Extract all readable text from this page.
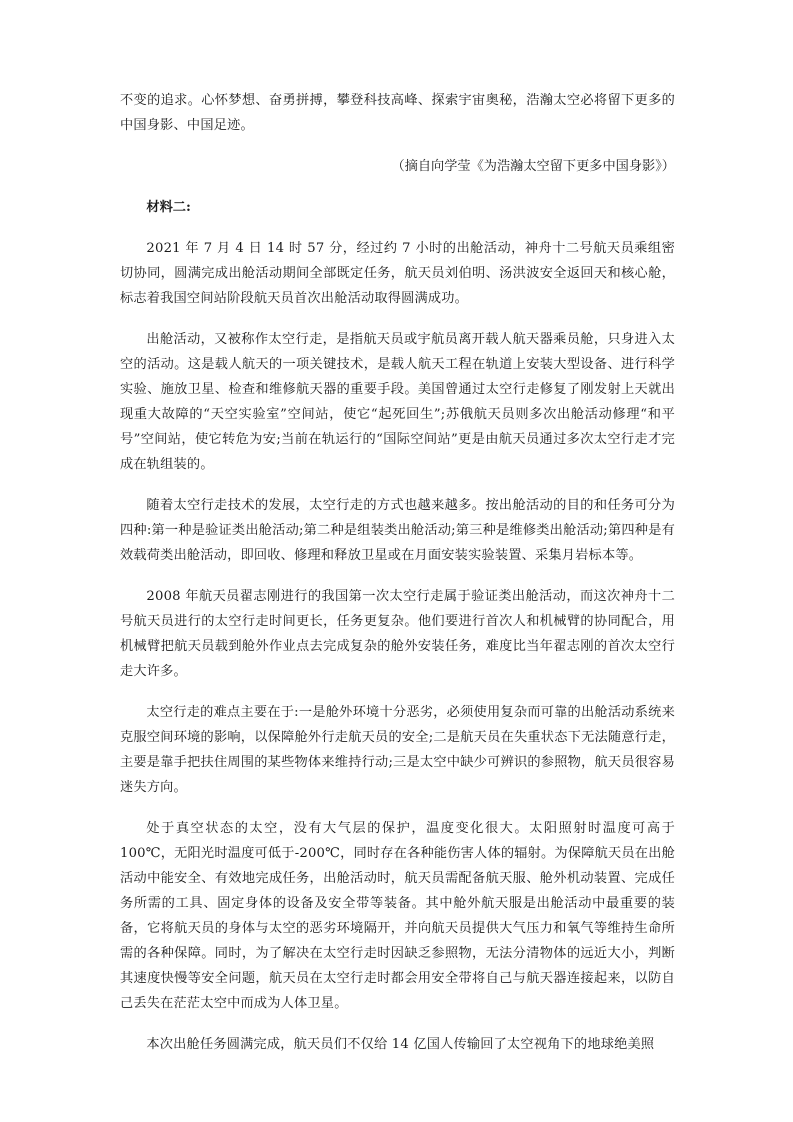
不变的追求。心怀梦想、奋勇拼搏，攀登科技高峰、探索宇宙奥秘，浩瀚太空必将留下更多的中国身影、中国足迹。

（摘自向学莹《为浩瀚太空留下更多中国身影》）

材料二:

2021 年 7 月 4 日 14 时 57 分，经过约 7 小时的出舱活动，神舟十二号航天员乘组密切协同，圆满完成出舱活动期间全部既定任务，航天员刘伯明、汤洪波安全返回天和核心舱，标志着我国空间站阶段航天员首次出舱活动取得圆满成功。

出舱活动，又被称作太空行走，是指航天员或宇航员离开载人航天器乘员舱，只身进入太空的活动。这是载人航天的一项关键技术，是载人航天工程在轨道上安装大型设备、进行科学实验、施放卫星、检查和维修航天器的重要手段。美国曾通过太空行走修复了刚发射上天就出现重大故障的“天空实验室”空间站，使它“起死回生”;苏俄航天员则多次出舱活动修理“和平号”空间站，使它转危为安;当前在轨运行的“国际空间站”更是由航天员通过多次太空行走才完成在轨组装的。

随着太空行走技术的发展，太空行走的方式也越来越多。按出舱活动的目的和任务可分为四种:第一种是验证类出舱活动;第二种是组装类出舱活动;第三种是维修类出舱活动;第四种是有效载荷类出舱活动，即回收、修理和释放卫星或在月面安装实验装置、采集月岩标本等。

2008 年航天员翟志刚进行的我国第一次太空行走属于验证类出舱活动，而这次神舟十二号航天员进行的太空行走时间更长，任务更复杂。他们要进行首次人和机械臂的协同配合，用机械臂把航天员载到舱外作业点去完成复杂的舱外安装任务，难度比当年翟志刚的首次太空行走大许多。

太空行走的难点主要在于:一是舱外环境十分恶劣，必须使用复杂而可靠的出舱活动系统来克服空间环境的影响，以保障舱外行走航天员的安全;二是航天员在失重状态下无法随意行走，主要是靠手把扶住周围的某些物体来维持行动;三是太空中缺少可辨识的参照物，航天员很容易迷失方向。

处于真空状态的太空，没有大气层的保护，温度变化很大。太阳照射时温度可高于 100℃，无阳光时温度可低于-200℃，同时存在各种能伤害人体的辐射。为保障航天员在出舱活动中能安全、有效地完成任务，出舱活动时，航天员需配备航天服、舱外机动装置、完成任务所需的工具、固定身体的设备及安全带等装备。其中舱外航天服是出舱活动中最重要的装备，它将航天员的身体与太空的恶劣环境隔开，并向航天员提供大气压力和氧气等维持生命所需的各种保障。同时，为了解决在太空行走时因缺乏参照物，无法分清物体的远近大小，判断其速度快慢等安全问题，航天员在太空行走时都会用安全带将自己与航天器连接起来，以防自己丢失在茫茫太空中而成为人体卫星。

本次出舱任务圆满完成，航天员们不仅给 14 亿国人传输回了太空视角下的地球绝美照
